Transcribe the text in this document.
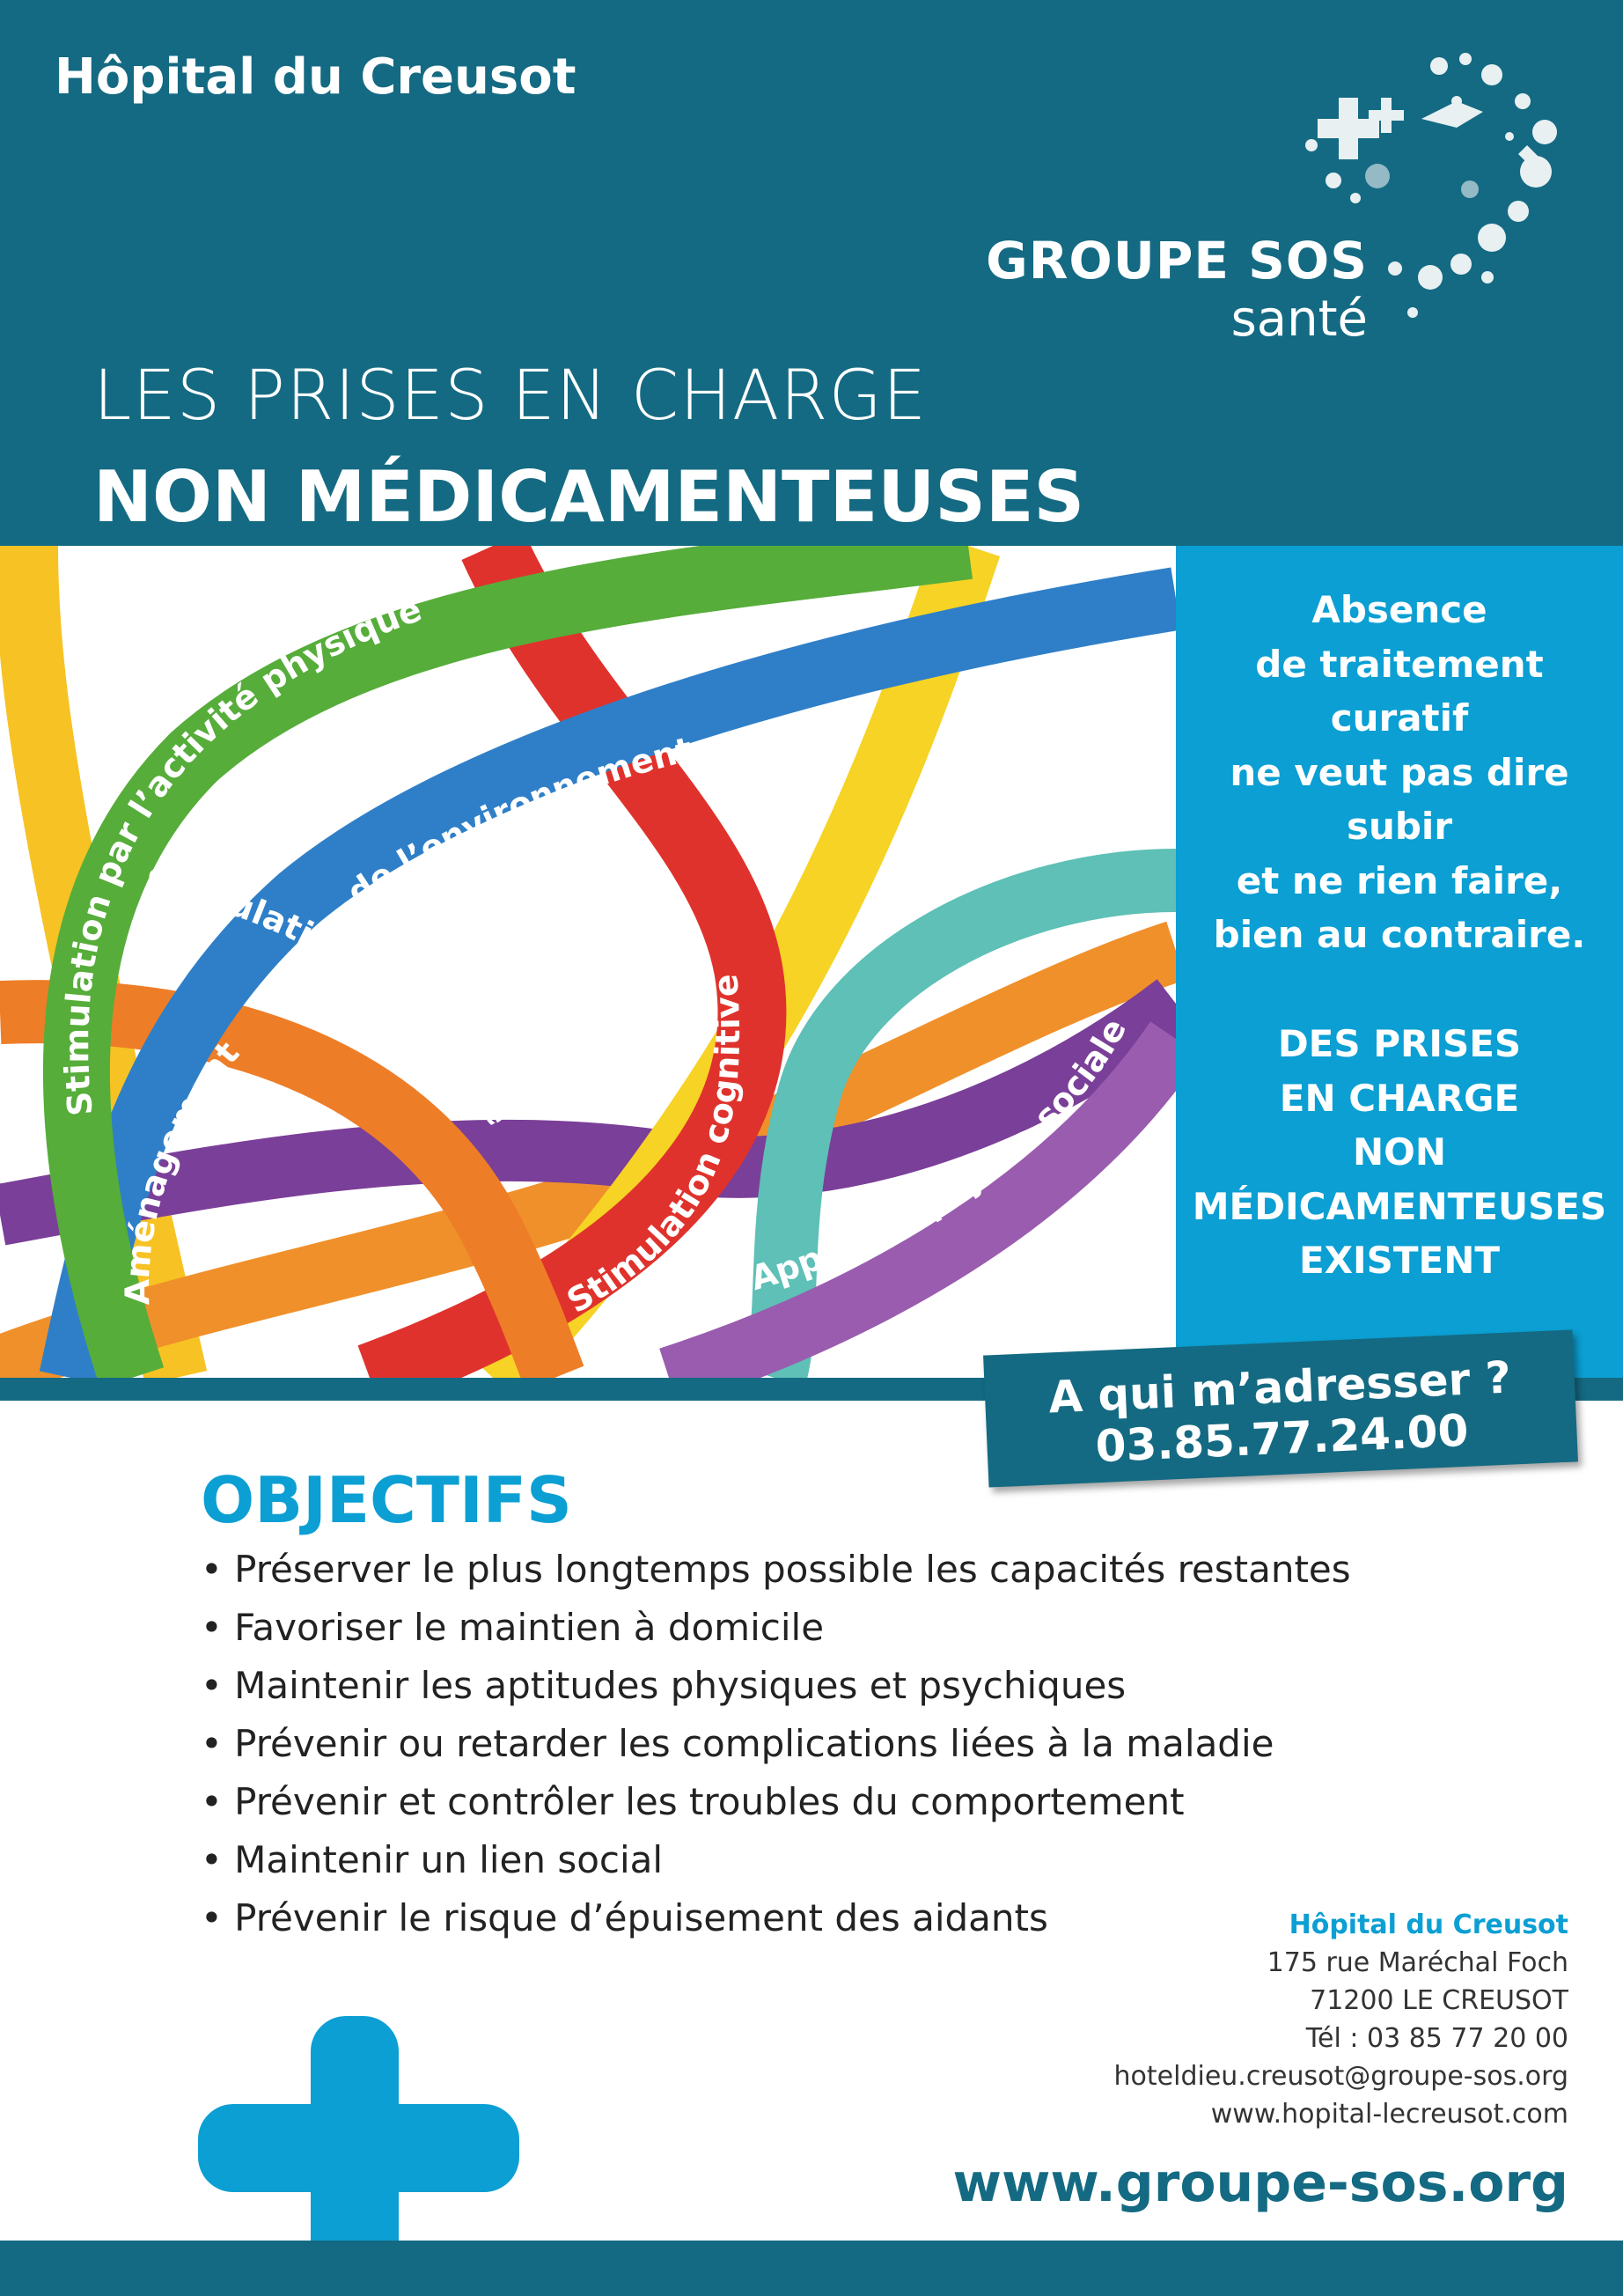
Hôpital du Creusot
GROUPE SOS
santé
LES PRISES EN CHARGE
NON MÉDICAMENTEUSES
Stimulation par l’activité physique
de l’environnement
Stimulation sensorielle
Aménagement
Stimulation cognitive
Approche psycho-sociale
Absence
de traitement
curatif
ne veut pas dire
subir
et ne rien faire,
bien au contraire.
DES PRISES
EN CHARGE
NON
MÉDICAMENTEUSES
EXISTENT
A qui m’adresser ?
03.85.77.24.00
OBJECTIFS
• Préserver le plus longtemps possible les capacités restantes
• Favoriser le maintien à domicile
• Maintenir les aptitudes physiques et psychiques
• Prévenir ou retarder les complications liées à la maladie
• Prévenir et contrôler les troubles du comportement
• Maintenir un lien social
• Prévenir le risque d’épuisement des aidants	Hôpital du Creusot
175 rue Maréchal Foch
71200 LE CREUSOT
Tél : 03 85 77 20 00
hoteldieu.creusot@groupe-sos.org
www.hopital-lecreusot.com
www.groupe-sos.org
